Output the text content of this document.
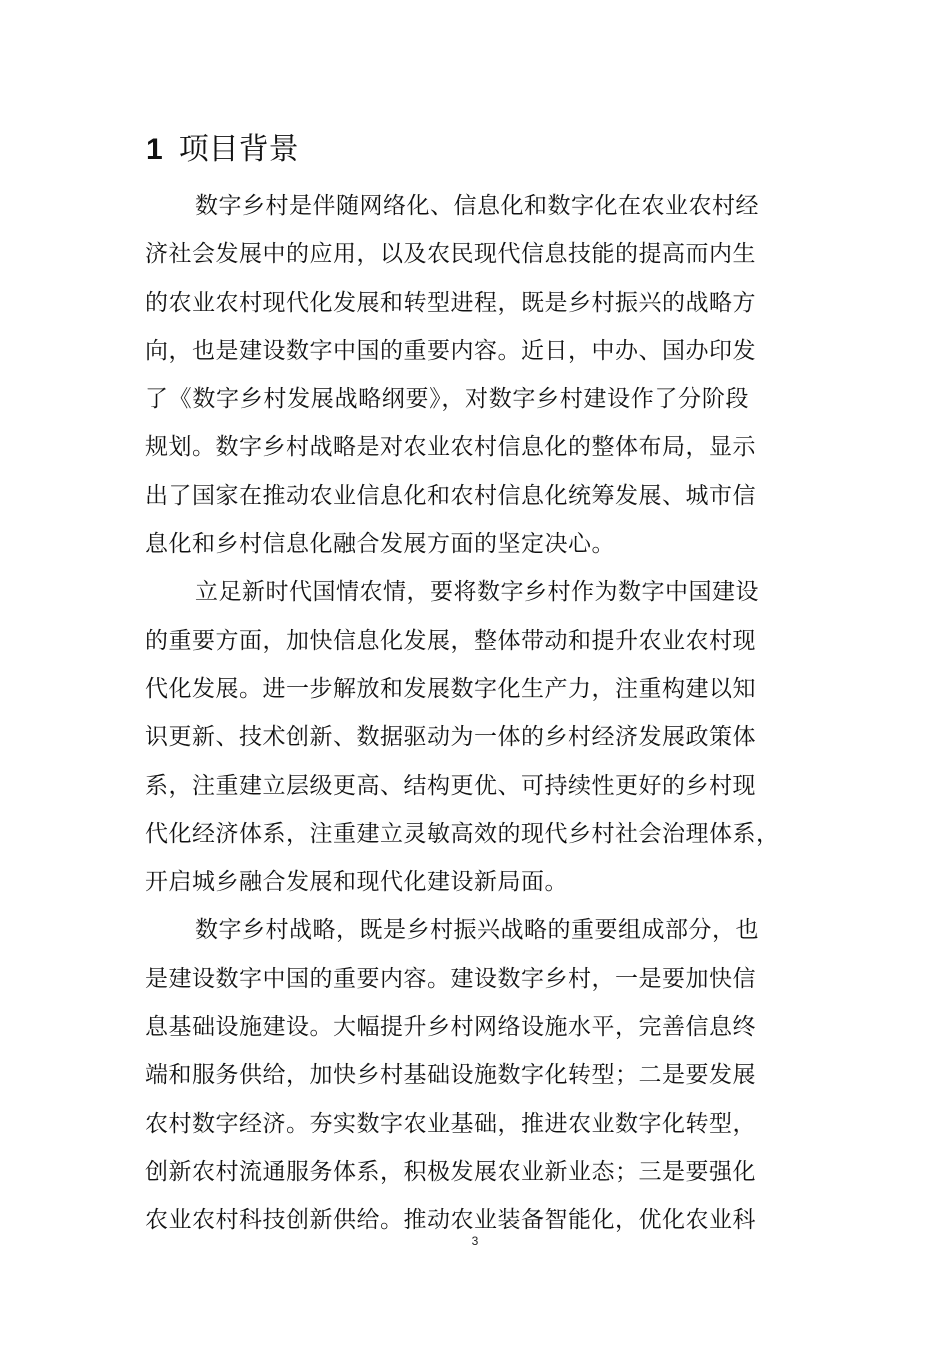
1 项目背景

数字乡村是伴随网络化、信息化和数字化在农业农村经
济社会发展中的应用，以及农民现代信息技能的提高而内生
的农业农村现代化发展和转型进程，既是乡村振兴的战略方
向，也是建设数字中国的重要内容。近日，中办、国办印发
了《数字乡村发展战略纲要》，对数字乡村建设作了分阶段
规划。数字乡村战略是对农业农村信息化的整体布局，显示
出了国家在推动农业信息化和农村信息化统筹发展、城市信
息化和乡村信息化融合发展方面的坚定决心。

立足新时代国情农情，要将数字乡村作为数字中国建设
的重要方面，加快信息化发展，整体带动和提升农业农村现
代化发展。进一步解放和发展数字化生产力，注重构建以知
识更新、技术创新、数据驱动为一体的乡村经济发展政策体
系，注重建立层级更高、结构更优、可持续性更好的乡村现
代化经济体系，注重建立灵敏高效的现代乡村社会治理体系，
开启城乡融合发展和现代化建设新局面。

数字乡村战略，既是乡村振兴战略的重要组成部分，也
是建设数字中国的重要内容。建设数字乡村，一是要加快信
息基础设施建设。大幅提升乡村网络设施水平，完善信息终
端和服务供给，加快乡村基础设施数字化转型；二是要发展
农村数字经济。夯实数字农业基础，推进农业数字化转型，
创新农村流通服务体系，积极发展农业新业态；三是要强化
农业农村科技创新供给。推动农业装备智能化，优化农业科

3
